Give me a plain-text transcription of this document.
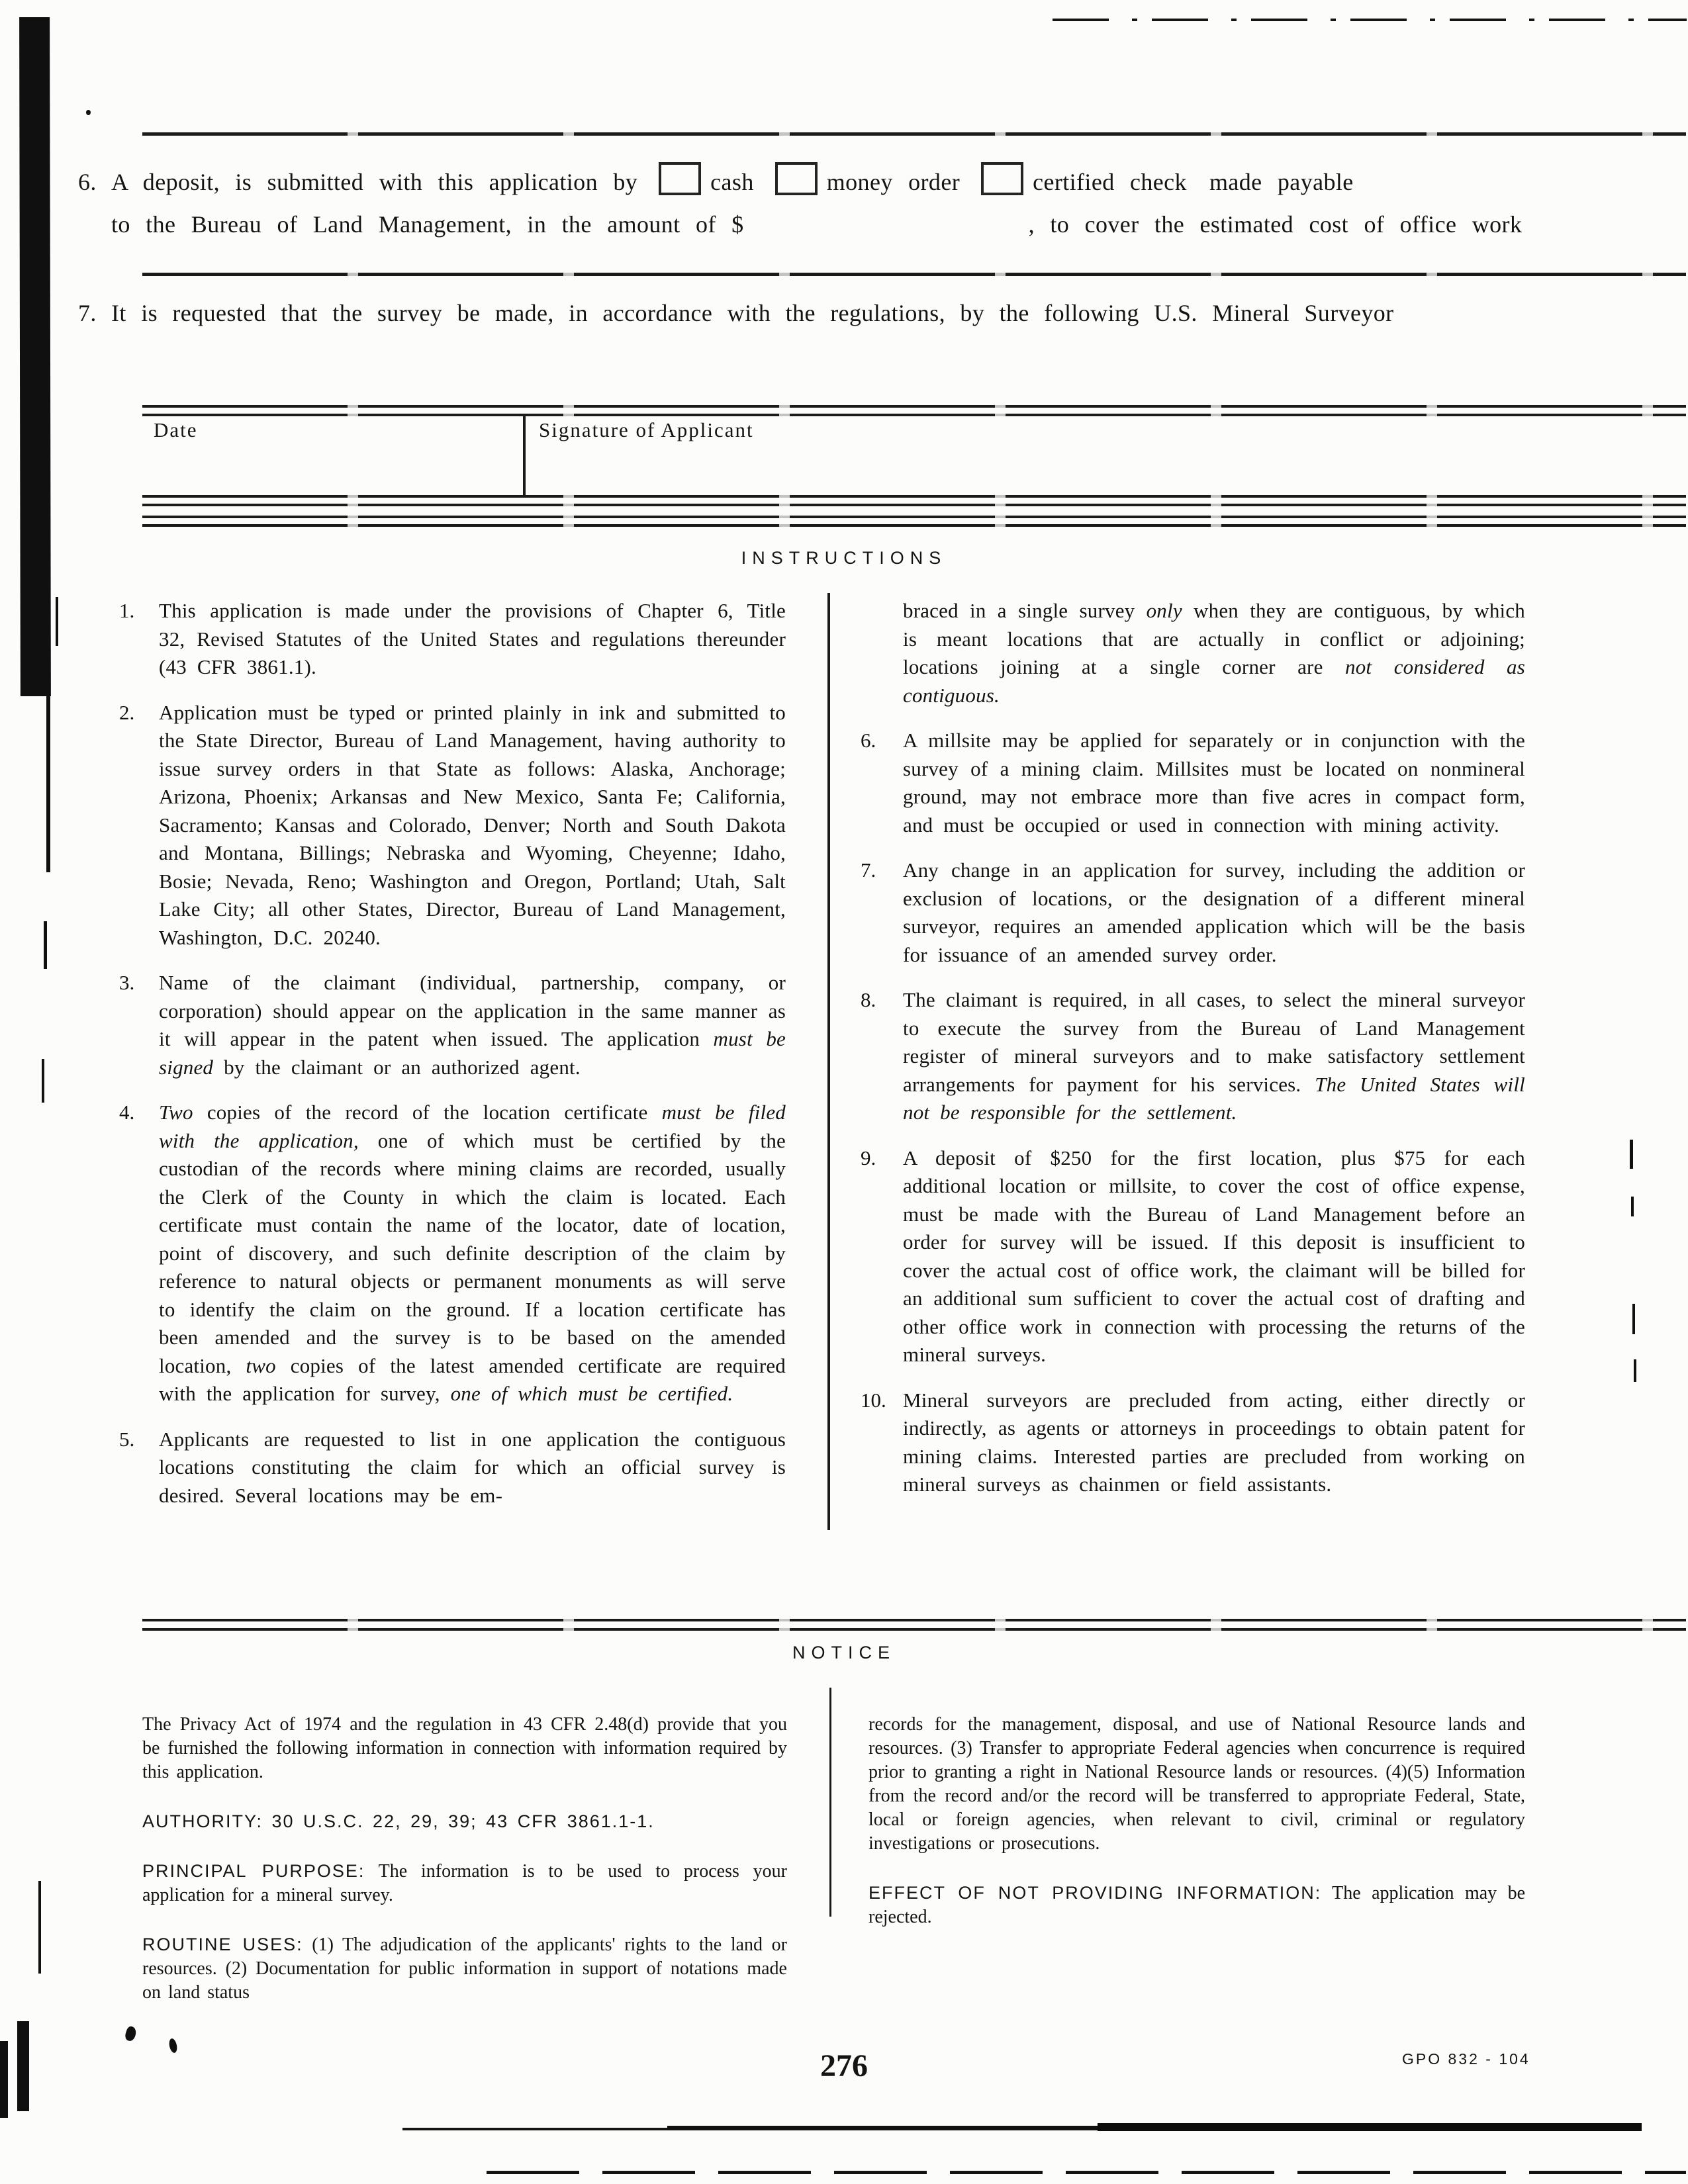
6. A deposit, is submitted with this application by	cash	money order	certified check made payable
to the Bureau of Land Management, in the amount of $	, to cover the estimated cost of office work
7. It is requested that the survey be made, in accordance with the regulations, by the following U.S. Mineral Surveyor
Date	Signature of Applicant
INSTRUCTIONS
1.	This application is made under the provisions of Chapter 6, Title 32, Revised Statutes of the United States and regulations thereunder (43 CFR 3861.1).
2.	Application must be typed or printed plainly in ink and submitted to the State Director, Bureau of Land Management, having authority to issue survey orders in that State as follows: Alaska, Anchorage; Arizona, Phoenix; Arkansas and New Mexico, Santa Fe; California, Sacramento; Kansas and Colorado, Denver; North and South Dakota and Montana, Billings; Nebraska and Wyoming, Cheyenne; Idaho, Bosie; Nevada, Reno; Washington and Oregon, Portland; Utah, Salt Lake City; all other States, Director, Bureau of Land Management, Washington, D.C. 20240.
3.	Name of the claimant (individual, partnership, company, or corporation) should appear on the application in the same manner as it will appear in the patent when issued. The application must be signed by the claimant or an authorized agent.
4.	Two copies of the record of the location certificate must be filed with the application, one of which must be certified by the custodian of the records where mining claims are recorded, usually the Clerk of the County in which the claim is located. Each certificate must contain the name of the locator, date of location, point of discovery, and such definite description of the claim by reference to natural objects or permanent monuments as will serve to identify the claim on the ground. If a location certificate has been amended and the survey is to be based on the amended location, two copies of the latest amended certificate are required with the application for survey, one of which must be certified.
5.	Applicants are requested to list in one application the contiguous locations constituting the claim for which an official survey is desired. Several locations may be em-
braced in a single survey only when they are contiguous, by which is meant locations that are actually in conflict or adjoining; locations joining at a single corner are not considered as contiguous.
6.	A millsite may be applied for separately or in conjunction with the survey of a mining claim. Millsites must be located on nonmineral ground, may not embrace more than five acres in compact form, and must be occupied or used in connection with mining activity.
7.	Any change in an application for survey, including the addition or exclusion of locations, or the designation of a different mineral surveyor, requires an amended application which will be the basis for issuance of an amended survey order.
8.	The claimant is required, in all cases, to select the mineral surveyor to execute the survey from the Bureau of Land Management register of mineral surveyors and to make satisfactory settlement arrangements for payment for his services. The United States will not be responsible for the settlement.
9.	A deposit of $250 for the first location, plus $75 for each additional location or millsite, to cover the cost of office expense, must be made with the Bureau of Land Management before an order for survey will be issued. If this deposit is insufficient to cover the actual cost of office work, the claimant will be billed for an additional sum sufficient to cover the actual cost of drafting and other office work in connection with processing the returns of the mineral surveys.
10. Mineral surveyors are precluded from acting, either directly or indirectly, as agents or attorneys in proceedings to obtain patent for mining claims. Interested parties are precluded from working on mineral surveys as chainmen or field assistants.
NOTICE

The Privacy Act of 1974 and the regulation in 43 CFR 2.48(d) provide that you be furnished the following information in connection with information required by this application.

AUTHORITY: 30 U.S.C. 22, 29, 39; 43 CFR 3861.1-1.

PRINCIPAL PURPOSE: The information is to be used to process your application for a mineral survey.

ROUTINE USES: (1) The adjudication of the applicants' rights to the land or resources. (2) Documentation for public information in support of notations made on land status

records for the management, disposal, and use of National Resource lands and resources. (3) Transfer to appropriate Federal agencies when concurrence is required prior to granting a right in National Resource lands or resources. (4)(5) Information from the record and/or the record will be transferred to appropriate Federal, State, local or foreign agencies, when relevant to civil, criminal or regulatory investigations or prosecutions.

EFFECT OF NOT PROVIDING INFORMATION: The application may be rejected.

276	GPO 832 - 104
